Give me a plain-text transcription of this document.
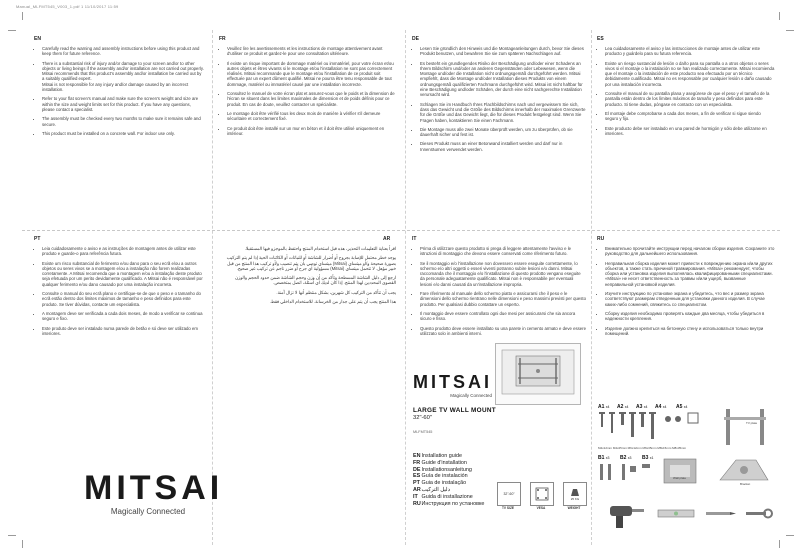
Manual_MLFMT545_V003_1.pdf 1 11/10/2017 11:59
EN
• Carefully read the warning and assembly instructions before using this product and keep them for future reference.
• There is a substantial risk of injury and/or damage to your screen and/or to other objects or living beings if the assembly and/or installation are not carried out properly.
Mitsai recommends that this product's assembly and/or installation be carried out by a suitably qualified expert.
Mitsai is not responsible for any injury and/or damage caused by an incorrect installation.
• Refer to your flat screen's manual and make sure the screen's weight and size are within the size and weight limits set for this product. If you have any questions, please contact a specialist.
• The assembly must be checked every two months to make sure it remains safe and secure.
• This product must be installed on a concrete wall. For indoor use only.
FR
• Veuillez lire les avertissements et les instructions de montage attentivement avant d'utiliser ce produit et gardez-le pour une consultation ultérieure.
• Il existe un risque important de dommage matériel ou immatériel, pour votre écran et/ou autres objets et êtres vivants si le montage et/ou l'installation ne sont pas correctement réalisés. Mitsai recommande que le montage et/ou l'installation de ce produit soit effectuée par un expert dûment qualifié. Mitsai ne pourra être tenu responsable de tout dommage, matériel ou immatériel causé par une installation incorrecte.
• Consultez le manuel de votre écran plat et assurez-vous que le poids et la dimension de l'écran se situent dans les limites maximales de dimension et de poids définis pour ce produit. En cas de doute, veuillez contacter un spécialiste.
• Le montage doit être vérifié tous les deux mois de manière à vérifier s'il demeure sécuritaire et correctement fixé.
• Ce produit doit être installé sur un mur en béton et il doit être utilisé uniquement en intérieur.
DE
• Lesen Sie gründlich den Hinweis und die Montageanleitungen durch, bevor Sie dieses Produkt benutzen, und bewahren Sie sie zum späteren Nachschlagen auf.
• Es besteht ein grundlegendes Risiko der Beschädigung und/oder einer Schadens an Ihrem Bildschirm und/oder an anderen Gegenständen oder Lebewesen, wenn die Montage und/oder die Installation nicht ordnungsgemäß durchgeführt werden. Mitsai empfiehlt, dass die Montage und/oder Installation dieses Produkts von einem ordnungsgemäß qualifizierten Fachmann durchgeführt wird. Mitsai ist nicht haftbar für eine Beschädigung und/oder Schäden, der durch eine nicht sachgerechte Installation verursacht wird.
• Schlagen Sie im Handbuch Ihres Flachbildschirms nach und vergewissern Sie sich, dass das Gewicht und die Größe des Bildschirms innerhalb der maximalen Grenzwerte für die Größe und das Gewicht liegt, die für dieses Produkt festgelegt sind. Wenn Sie Fragen haben, kontaktieren Sie einen Fachmann.
• Die Montage muss alle zwei Monate überprüft werden, um zu überprüfen, ob sie dauerhaft sicher und fest ist.
• Dieses Produkt muss an einer Betonwand installiert werden und darf nur in Innenräumen verwendet werden.
ES
• Lea cuidadosamente el aviso y las instrucciones de montaje antes de utilizar este producto y guárdelo para su futura referencia.
• Existe un riesgo sustancial de lesión o daño para su pantalla o a otros objetos o seres vivos si el montaje o la instalación no se han realizado correctamente. Mitsai recomienda que el montaje o la instalación de este producto sea efectuado por un técnico debidamente cualificado. Mitsai no es responsable por cualquier lesión o daño causado por una instalación incorrecta.
• Consulte el manual de su pantalla plana y asegúrese de que el peso y el tamaño de la pantalla están dentro de los límites máximos de tamaño y peso definidos para este producto. Si tiene dudas, póngase en contacto con un especialista.
• El montaje debe comprobarse a cada dos meses, a fin de verificar si sigue siendo seguro y fijo.
• Este producto debe ser instalado en una pared de hormigón y sólo debe utilizarse en interiores.
PT
• Leia cuidadosamente o aviso e as instruções de montagem antes de utilizar este produto e guarde-o para referência futura.
• Existe um risco substancial de ferimento e/ou dano para o seu ecrã e/ou a outros objetos ou seres vivos se a montagem e/ou a instalação não forem realizadas corretamente. A Mitsai recomenda que a montagem e/ou a instalação deste produto seja efetuada por um perito devidamente qualificado. A Mitsai não é responsável por qualquer ferimento e/ou dano causado por uma instalação incorreta.
• Consulte o manual do seu ecrã plano e certifique-se de que o peso e o tamanho do ecrã estão dentro dos limites máximos de tamanho e peso definidos para este produto. Se tiver dúvidas, contacte um especialista.
• A montagem deve ser verificada a cada dois meses, de modo a verificar se continua seguro e fixo.
• Este produto deve ser instalado numa parede de betão e só deve ser utilizado em interiores.
AR

اقرأ بعناية التعليمات التحذير، هذه قبل استخدام المنتج واحتفظ بالموجزو فيها المستقبلا.

يوجد خطر محتمل للإصابة بجروح أو أضرار للشاشة أو للنباتات أو الكائنات الحية إذا لم يتم التركيب بصورة صحيحة و/أو ميتساي (Mitsai) ميتساي توصي بأن يتم تنصيب و/أو تركيب هذا المنتج من قبل خبير مؤهل. لا تتحمل ميتساي (Mitsai) مسؤولية أي جرح أو ضرر ناجم عن تركيب غير صحيح.

ارجع إلى دليل الشاشة المسطحة وتأكد من أن وزن وحجم الشاشة ضمن حدود الحجم والوزن القصوى المحددين لهذا المنتج. إذا كان لديك أي أسئلة، اتصل بمتخصص.

يجب أن تتأكد من التركيب كل شهرين، بشكل منتظم أنها لا تزال آمنة.

هذا المنتج يجب أن يتم على جدار من الخرسانة. للاستخدام الداخلي فقط.

IT
• Prima di utilizzare questo prodotto si prega di leggere attentamente l'avviso e le istruzioni di montaggio che devono essere conservati come riferimento futuro.
• Se il montaggio e/o l'installazione non dovessero essere eseguite correttamente, lo schermo e/o altri oggetti o esseri viventi potranno subire lesioni e/o danni. Mitsai raccomanda che il montaggio e/o l'installazione di questo prodotto vengano eseguite da personale adeguatamente qualificato. Mitsai non è responsabile per eventuali lesioni e/o danni causati da un'installazione impropria.
• Fare riferimento al manuale dello schermo piatto e assicurarsi che il peso e le dimensioni dello schermo rientrano nelle dimensioni e peso massimi previsti per questo prodotto. Per qualsiasi dubbio contattare un esperto.
• Il montaggio deve essere controllato ogni due mesi per assicurarsi che sia ancora sicuro e fisso.
• Questo prodotto deve essere installato su una parete in cemento armato e deve essere utilizzato solo in ambienti interni.
RU
• Внимательно прочитайте инструкции перед началом сборки изделия. Сохраните это руководство для дальнейшего использования.
• Неправильная сборка изделия может привести к повреждению экрана и/или других объектов, а также стать причиной травмирования. «Mitsai» рекомендует, чтобы сборка или установка изделия выполнялась квалифицированными специалистами. «Mitsai» не несет ответственность за травмы и/или ущерб, вызванные неправильной установкой изделия.
• Изучите инструкцию по установке экрана и убедитесь, что вес и размер экрана соответствуют размерам отведенным для установки данного изделия. В случае каких-либо сомнений, свяжитесь со специалистом.
• Сборку изделия необходимо проверять каждые два месяца, чтобы убедиться в надежности крепления.
• Изделие должно крепиться на бетонную стену и использоваться только внутри помещений.
MITSAI
Magically Connected
MITSAI
Magically Connected
LARGE TV WALL MOUNT
32"-60"
MLFMT545
EN Installation guide
FR Guide d'installation
DE Installationsanleitung
ES Guía de instalación
PT Guia de instalação
AR دليل التركيب
IT Guida di installazione
RU Инструкция по установке
32"-60"
TV SIZE	VESA
25 KG
WEIGHT
A1 x4 A2 x4 A3 x4 A4 x4 A5 x4
M4x12mm M4x25mm M6x12mm M6x35mm M8x15mm M8x35mm
B1 x3 B2 x3 B3 x1
TV plate
Wall plate
Bracket
